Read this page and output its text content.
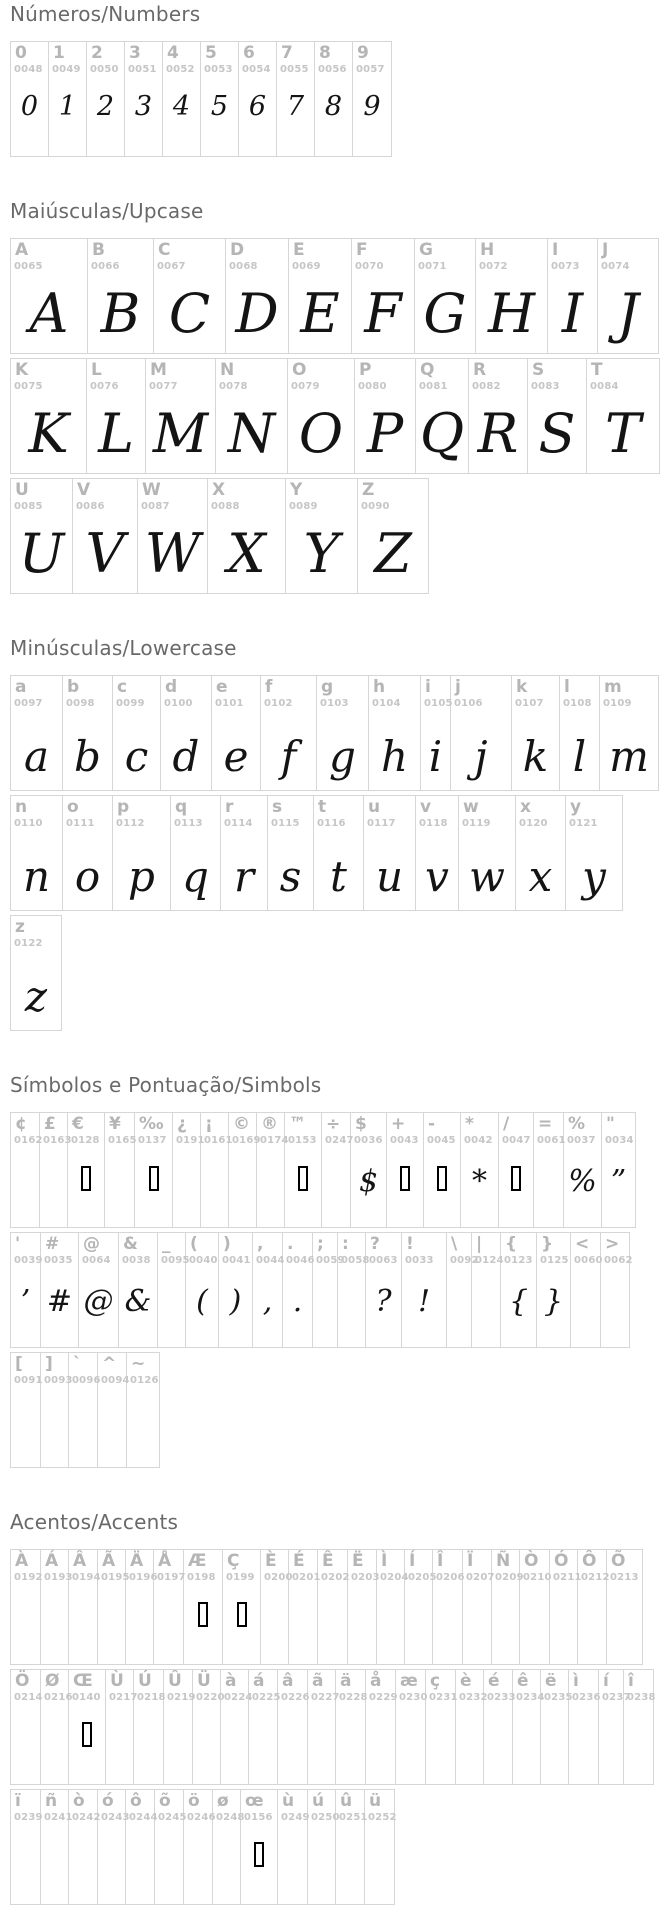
Números/Numbers
0
0048
0
1
0049
1
2
0050
2
3
0051
3
4
0052
4
5
0053
5
6
0054
6
7
0055
7
8
0056
8
9
0057
9
Maiúsculas/Upcase
A
0065
A
B
0066
B
C
0067
C
D
0068
D
E
0069
E
F
0070
F
G
0071
G
H
0072
H
I
0073
I
J
0074
J
K
0075
K
L
0076
L
M
0077
M
N
0078
N
O
0079
O
P
0080
P
Q
0081
Q
R
0082
R
S
0083
S
T
0084
T
U
0085
U
V
0086
V
W
0087
W
X
0088
X
Y
0089
Y
Z
0090
Z
Minúsculas/Lowercase
a
0097
a
b
0098
b
c
0099
c
d
0100
d
e
0101
e
f
0102
f
g
0103
g
h
0104
h
i
0105
i
j
0106
j
k
0107
k
l
0108
l
m
0109
m
n
0110
n
o
0111
o
p
0112
p
q
0113
q
r
0114
r
s
0115
s
t
0116
t
u
0117
u
v
0118
v
w
0119
w
x
0120
x
y
0121
y
z
0122
z
Símbolos e Pontuação/Simbols
¢
0162
£
0163
€
0128
¥
0165
‰
0137
¿
0191
¡
0161
©
0169
®
0174
™
0153
÷
0247
$
0036
$
+
0043
-
0045
*
0042
*
/
0047
=
0061
%
0037
%
"
0034
”
'
0039
’
#
0035
#
@
0064
@
&
0038
&
_
0095
(
0040
(
)
0041
)
,
0044
,
.
0046
.
;
0059
:
0058
?
0063
?
!
0033
!
\
0092
|
0124
{
0123
{
}
0125
}
<
0060
>
0062
[
0091
]
0093
`
0096
^
0094
~
0126
Acentos/Accents
À
0192
Á
0193
Â
0194
Ã
0195
Ä
0196
Å
0197
Æ
0198
Ç
0199
È
0200
É
0201
Ê
0202
Ë
0203
Ì
0204
Í
0205
Î
0206
Ï
0207
Ñ
0209
Ò
0210
Ó
0211
Ô
0212
Õ
0213
Ö
0214
Ø
0216
Œ
0140
Ù
0217
Ú
0218
Û
0219
Ü
0220
à
0224
á
0225
â
0226
ã
0227
ä
0228
å
0229
æ
0230
ç
0231
è
0232
é
0233
ê
0234
ë
0235
ì
0236
í
0237
î
0238
ï
0239
ñ
0241
ò
0242
ó
0243
ô
0244
õ
0245
ö
0246
ø
0248
œ
0156
ù
0249
ú
0250
û
0251
ü
0252
